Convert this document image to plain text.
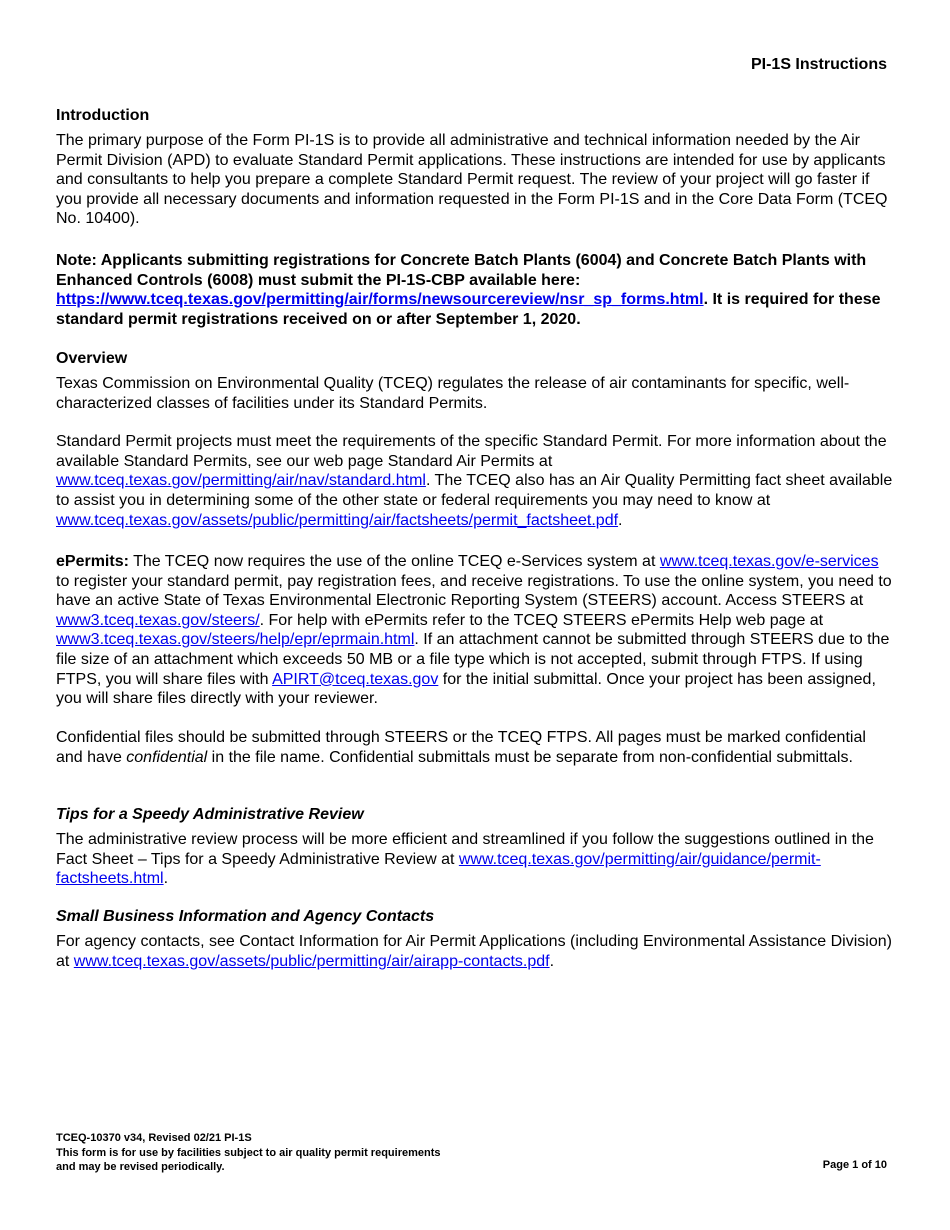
PI-1S Instructions
Introduction

The primary purpose of the Form PI-1S is to provide all administrative and technical information needed by the Air Permit Division (APD) to evaluate Standard Permit applications. These instructions are intended for use by applicants and consultants to help you prepare a complete Standard Permit request. The review of your project will go faster if you provide all necessary documents and information requested in the Form PI-1S and in the Core Data Form (TCEQ No. 10400).

Note: Applicants submitting registrations for Concrete Batch Plants (6004) and Concrete Batch Plants with Enhanced Controls (6008) must submit the PI-1S-CBP available here: https://www.tceq.texas.gov/permitting/air/forms/newsourcereview/nsr_sp_forms.html. It is required for these standard permit registrations received on or after September 1, 2020.

Overview

Texas Commission on Environmental Quality (TCEQ) regulates the release of air contaminants for specific, well-characterized classes of facilities under its Standard Permits.

Standard Permit projects must meet the requirements of the specific Standard Permit. For more information about the available Standard Permits, see our web page Standard Air Permits at www.tceq.texas.gov/permitting/air/nav/standard.html. The TCEQ also has an Air Quality Permitting fact sheet available to assist you in determining some of the other state or federal requirements you may need to know at www.tceq.texas.gov/assets/public/permitting/air/factsheets/permit_factsheet.pdf.

ePermits: The TCEQ now requires the use of the online TCEQ e-Services system at www.tceq.texas.gov/e-services to register your standard permit, pay registration fees, and receive registrations. To use the online system, you need to have an active State of Texas Environmental Electronic Reporting System (STEERS) account. Access STEERS at www3.tceq.texas.gov/steers/. For help with ePermits refer to the TCEQ STEERS ePermits Help web page at www3.tceq.texas.gov/steers/help/epr/eprmain.html. If an attachment cannot be submitted through STEERS due to the file size of an attachment which exceeds 50 MB or a file type which is not accepted, submit through FTPS. If using FTPS, you will share files with APIRT@tceq.texas.gov for the initial submittal. Once your project has been assigned, you will share files directly with your reviewer.

Confidential files should be submitted through STEERS or the TCEQ FTPS. All pages must be marked confidential and have confidential in the file name. Confidential submittals must be separate from non-confidential submittals.

Tips for a Speedy Administrative Review

The administrative review process will be more efficient and streamlined if you follow the suggestions outlined in the Fact Sheet – Tips for a Speedy Administrative Review at www.tceq.texas.gov/permitting/air/guidance/permit-factsheets.html.

Small Business Information and Agency Contacts

For agency contacts, see Contact Information for Air Permit Applications (including Environmental Assistance Division) at www.tceq.texas.gov/assets/public/permitting/air/airapp-contacts.pdf.

TCEQ-10370 v34, Revised 02/21 PI-1S
This form is for use by facilities subject to air quality permit requirements
and may be revised periodically.	Page 1 of 10
